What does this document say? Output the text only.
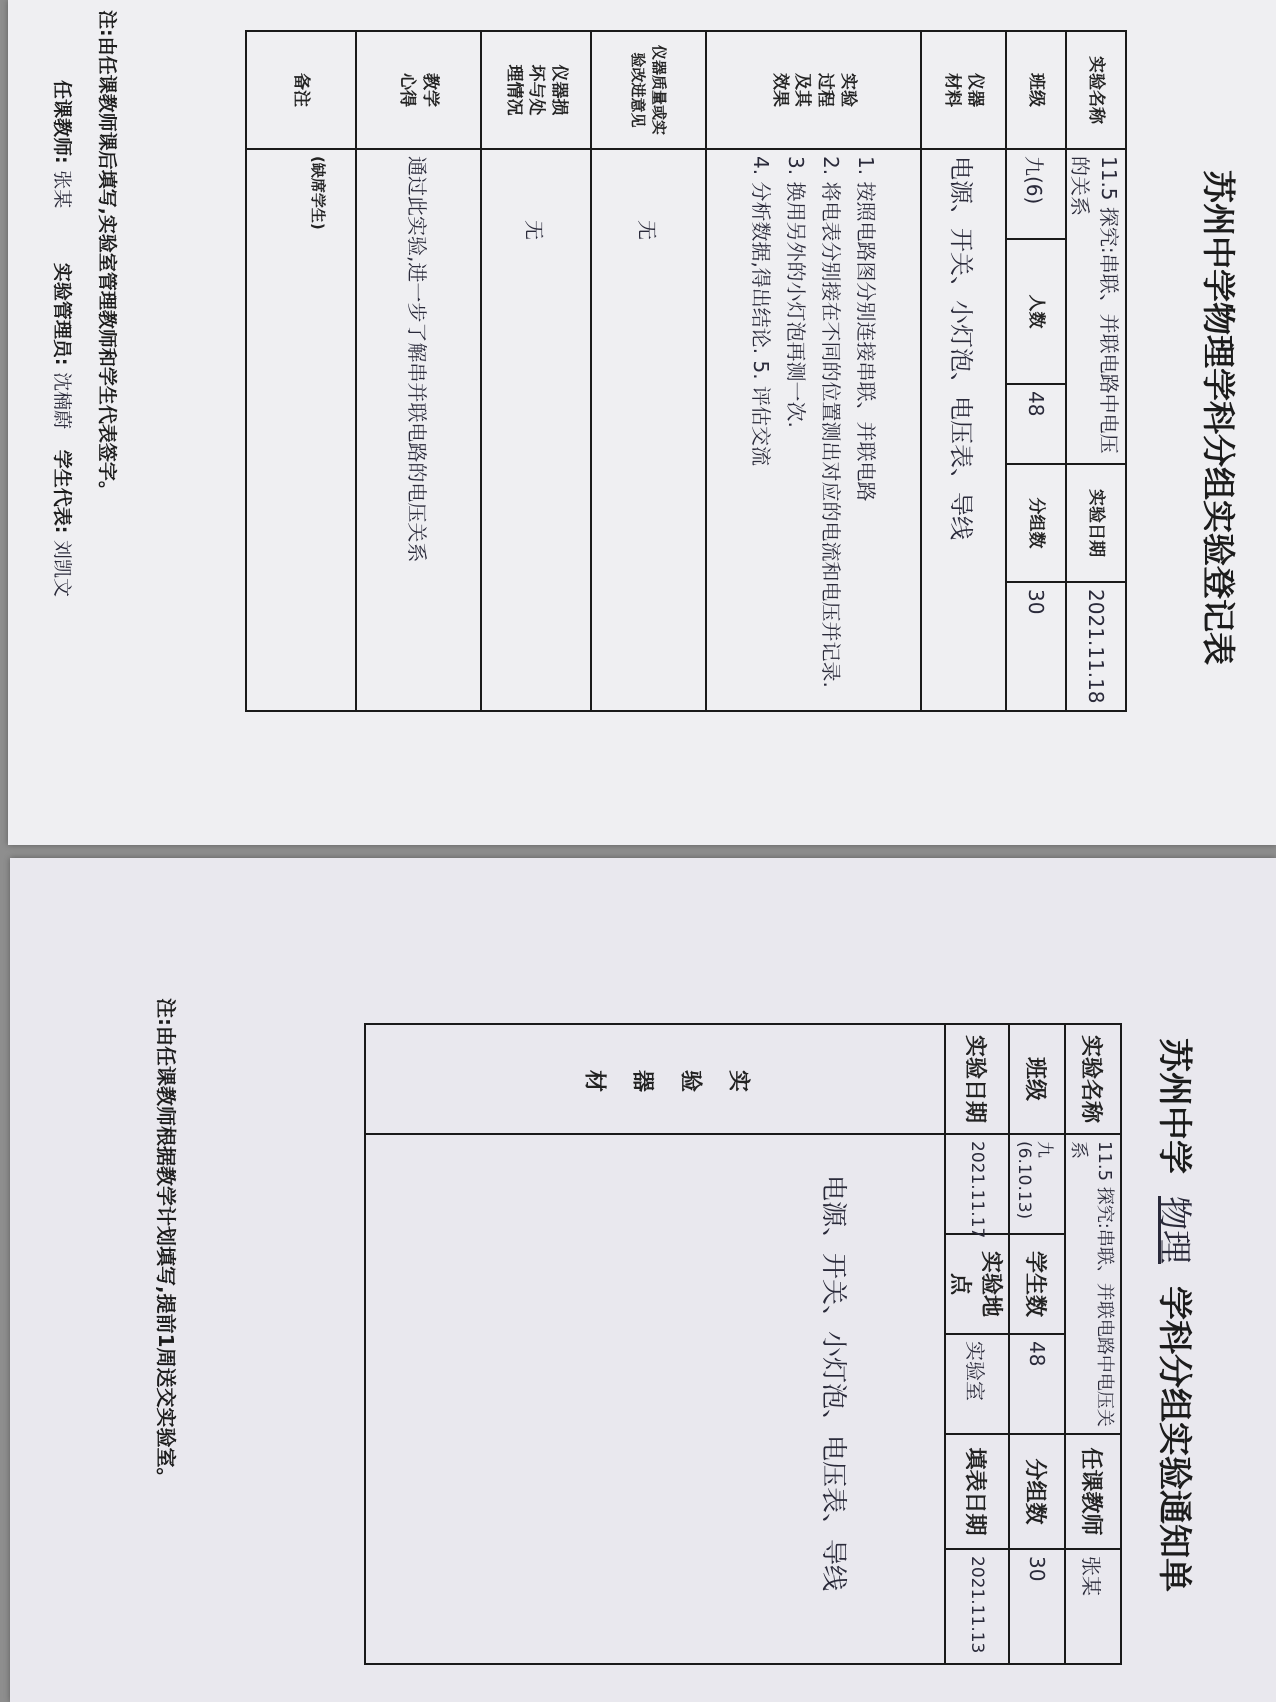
苏州中学物理学科分组实验登记表
实验名称	11.5 探究:串联、并联电路中电压的关系			实验日期	2021.11.18
班级	九(6)	人数	48	分组数	30

仪器材料	电源、开关、小灯泡、电压表、导线				

实验过程及其效果	1. 按照电路图分别连接串联、并联电路
2. 将电表分别接在不同的位置测出对应的电流和电压并记录.
3. 换用另外的小灯泡再测一次.
4. 分析数据,得出结论. 5. 评估交流				

仪器质量或实验改进意见	无				

仪器损坏与处理情况	无				

教学心得	通过此实验,进一步了解串并联电路的电压关系				
备注	(缺席学生)				
注:由任课教师课后填写,实验室管理教师和学生代表签字。
任课教师: 张某 实验管理员: 沈楠蔚 学生代表: 刘凯文
苏州中学物理学科分组实验通知单
实验名称	11.5 探究:串联、并联电路中电压关系			任课教师	张某
班级	九(6.10.13)	学生数	48	分组数	30
实验日期	2021.11.17	实验地点	实验室	填表日期	2021.11.13

实验器材	电源、开关、小灯泡、电压表、导线				
注:由任课教师根据教学计划填写,提前1周送交实验室。
